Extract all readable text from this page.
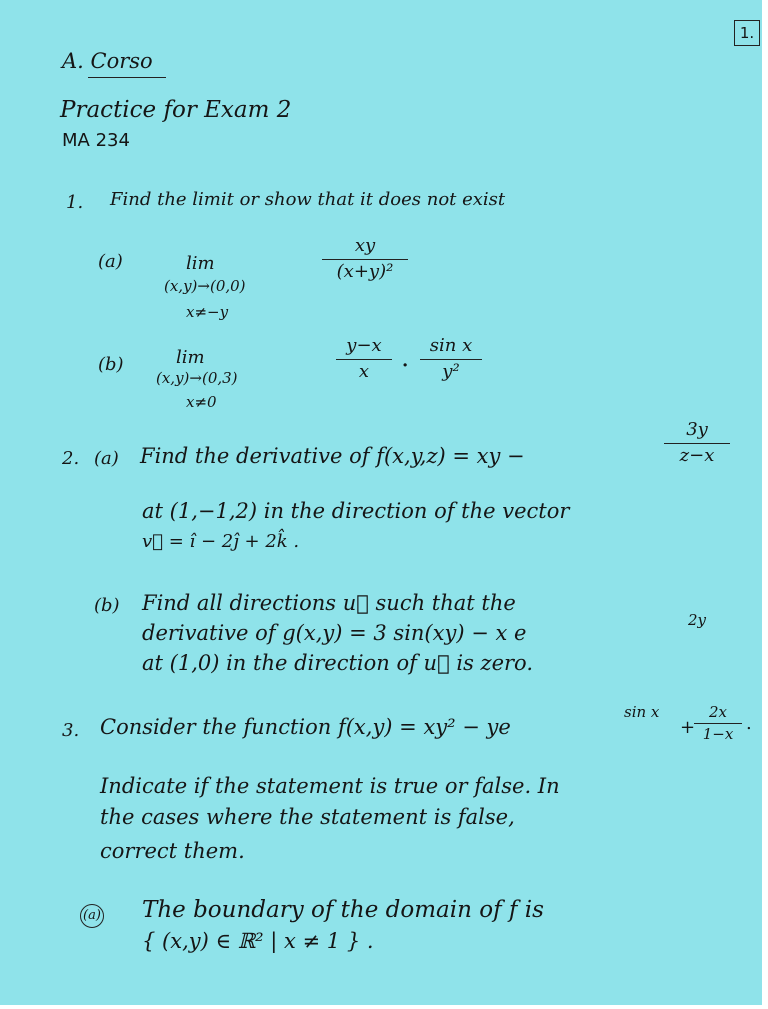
1.
A. Corso
Practice for Exam 2
MA 234
1. Find the limit or show that it does not exist
(a)	lim
(x,y)→(0,0)
x≠−y
xy
(x+y)²
(b)	lim
(x,y)→(0,3)
x≠0
y−x
x	·
sin x
y²
2. (a) Find the derivative of f(x,y,z) = xy −
3y
z−x
at (1,−1,2) in the direction of the vector
v⃗ = î − 2ĵ + 2k̂ .
(b) Find all directions u⃗ such that the
derivative of g(x,y) = 3 sin(xy) − x e
2y
at (1,0) in the direction of u⃗ is zero.
3. Consider the function f(x,y) = xy² − ye
sin x
+
2x
1−x
.
Indicate if the statement is true or false. In
the cases where the statement is false,
correct them.
(a) The boundary of the domain of f is
{ (x,y) ∈ ℝ² | x ≠ 1 } .
